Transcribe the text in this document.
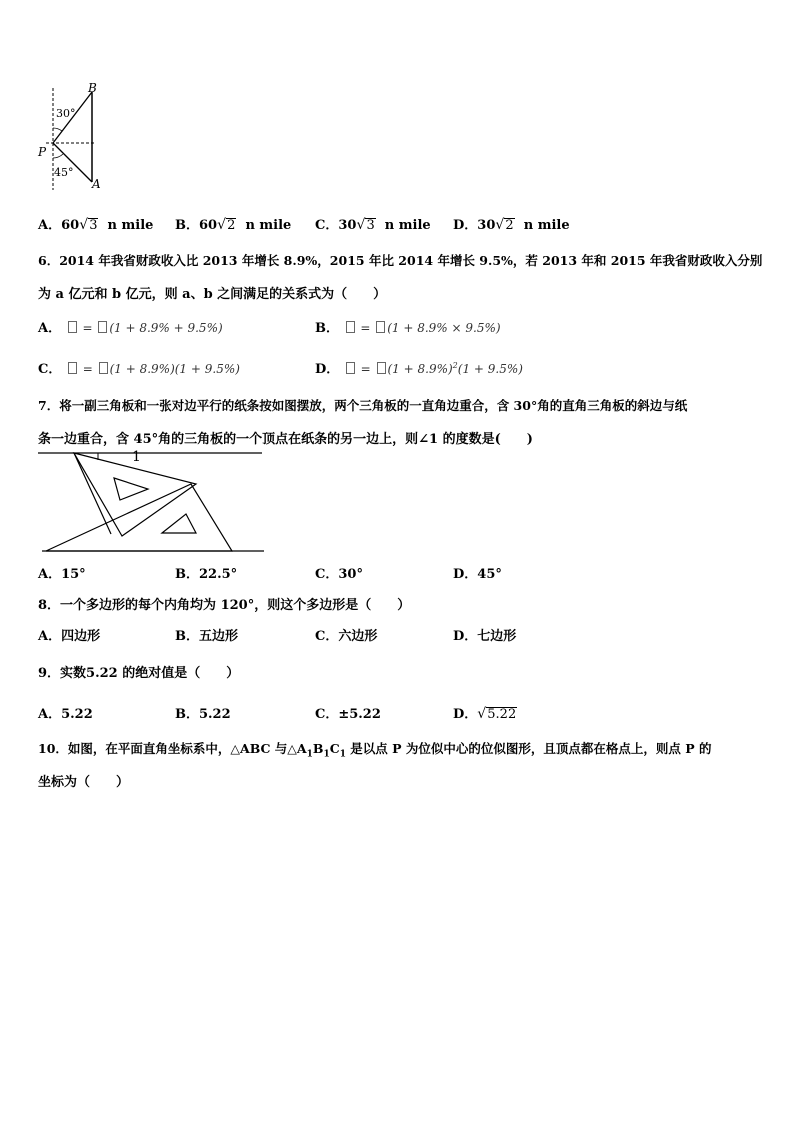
B
30°
P
45°
A
A．60 √ 3 n mile B．60 √ 2 n mile C．30 √ 3 n mile D．30 √ 2 n mile
6．2014 年我省财政收入比 2013 年增长 8.9%，2015 年比 2014 年增长 9.5%，若 2013 年和 2015 年我省财政收入分别
为 a 亿元和 b 亿元，则 a、b 之间满足的关系式为（　　）
A．  = (1 + 8.9% + 9.5%)	B．  = (1 + 8.9% × 9.5%)
C．  = (1 + 8.9%)(1 + 9.5%)	D．  = $(1 + 8.9\%)^2(1 + 9.5\%)$
7．将一副三角板和一张对边平行的纸条按如图摆放，两个三角板的一直角边重合，含 30°角的直角三角板的斜边与纸
条一边重合，含 45°角的三角板的一个顶点在纸条的另一边上，则∠1 的度数是(　　)
1
A．15°	B．22.5°	C．30°	D．45°
8．一个多边形的每个内角均为 120°，则这个多边形是（　　）
A．四边形	B．五边形	C．六边形	D．七边形
9．实数5.22 的绝对值是（　　）
A．5.22	B．5.22	C．±5.22	D． √ 5.22
10．如图，在平面直角坐标系中，△ABC 与$\triangle A_1B_1C_1$ 是以点 P 为位似中心的位似图形，且顶点都在格点上，则点 P 的
坐标为（　　）
